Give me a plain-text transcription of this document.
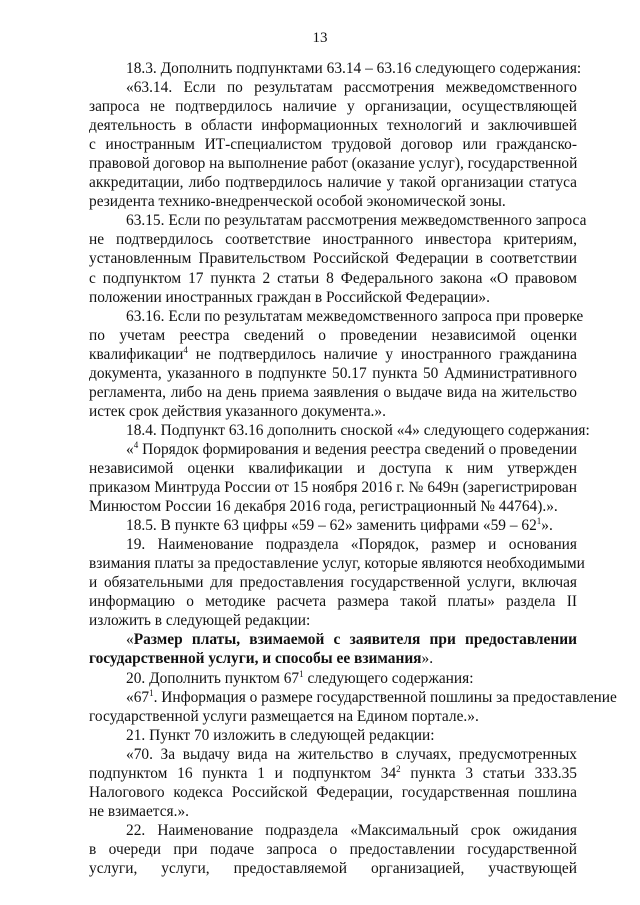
13
18.3. Дополнить подпунктами 63.14 – 63.16 следующего содержания:
«63.14. Если по результатам рассмотрения межведомственного
запроса не подтвердилось наличие у организации, осуществляющей
деятельность в области информационных технологий и заключившей
с иностранным ИТ-специалистом трудовой договор или гражданско-
правовой договор на выполнение работ (оказание услуг), государственной
аккредитации, либо подтвердилось наличие у такой организации статуса
резидента технико-внедренческой особой экономической зоны.
63.15. Если по результатам рассмотрения межведомственного запроса
не подтвердилось соответствие иностранного инвестора критериям,
установленным Правительством Российской Федерации в соответствии
с подпунктом 17 пункта 2 статьи 8 Федерального закона «О правовом
положении иностранных граждан в Российской Федерации».
63.16. Если по результатам межведомственного запроса при проверке
по учетам реестра сведений о проведении независимой оценки
квалификации$^4$ не подтвердилось наличие у иностранного гражданина
документа, указанного в подпункте 50.17 пункта 50 Административного
регламента, либо на день приема заявления о выдаче вида на жительство
истек срок действия указанного документа.».
18.4. Подпункт 63.16 дополнить сноской «4» следующего содержания:
«$^4$ Порядок формирования и ведения реестра сведений о проведении
независимой оценки квалификации и доступа к ним утвержден
приказом Минтруда России от 15 ноября 2016 г. № 649н (зарегистрирован
Минюстом России 16 декабря 2016 года, регистрационный № 44764).».
18.5. В пункте 63 цифры «59 – 62» заменить цифрами «$59 - 62^1$».
19. Наименование подраздела «Порядок, размер и основания
взимания платы за предоставление услуг, которые являются необходимыми
и обязательными для предоставления государственной услуги, включая
информацию о методике расчета размера такой платы» раздела II
изложить в следующей редакции:
«Размер платы, взимаемой с заявителя при предоставлении
государственной услуги, и способы ее взимания».
20. Дополнить пунктом $67^1$ следующего содержания:
«$67^1$. Информация о размере государственной пошлины за предоставление
государственной услуги размещается на Едином портале.».
21. Пункт 70 изложить в следующей редакции:
«70. За выдачу вида на жительство в случаях, предусмотренных
подпунктом 16 пункта 1 и подпунктом $34^2$ пункта 3 статьи 333.35
Налогового кодекса Российской Федерации, государственная пошлина
не взимается.».
22. Наименование подраздела «Максимальный срок ожидания
в очереди при подаче запроса о предоставлении государственной
услуги, услуги, предоставляемой организацией, участвующей
